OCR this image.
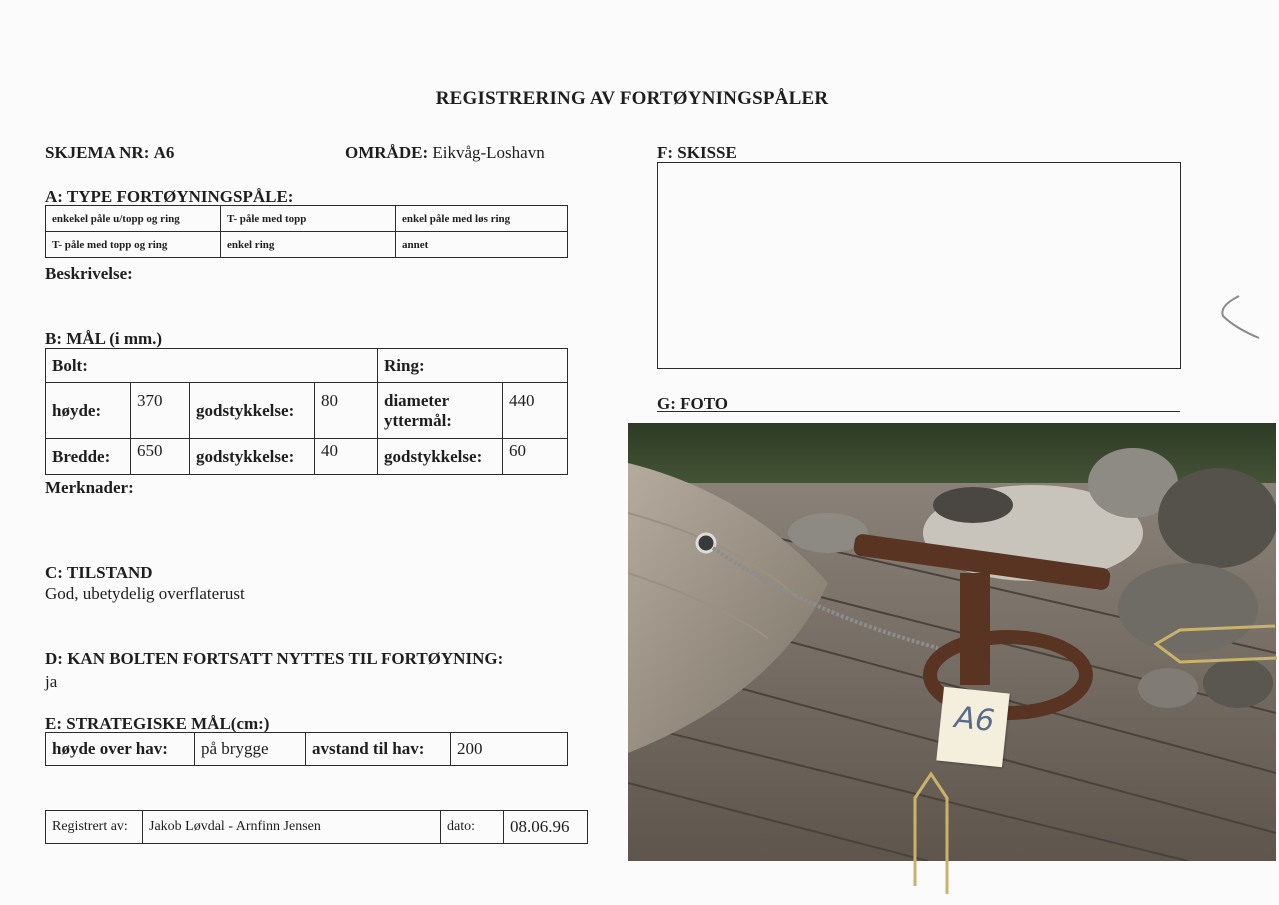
REGISTRERING AV FORTØYNINGSPÅLER
SKJEMA NR: A6	OMRÅDE: Eikvåg-Loshavn
A: TYPE FORTØYNINGSPÅLE:
enkekel påle u/topp og ring	T- påle med topp	enkel påle med løs ring
T- påle med topp og ring	enkel ring	annet
Beskrivelse:
B: MÅL (i mm.)
Bolt:				Ring:	
høyde:	370	godstykkelse:	80	diameter yttermål:	440
Bredde:	650	godstykkelse:	40	godstykkelse:	60
Merknader:
C: TILSTAND
God, ubetydelig overflaterust
D: KAN BOLTEN FORTSATT NYTTES TIL FORTØYNING:
ja
E: STRATEGISKE MÅL(cm:)
høyde over hav:	på brygge	avstand til hav:	200
Registrert av:	Jakob Løvdal - Arnfinn Jensen	dato:	08.06.96
F: SKISSE
G: FOTO
A6
